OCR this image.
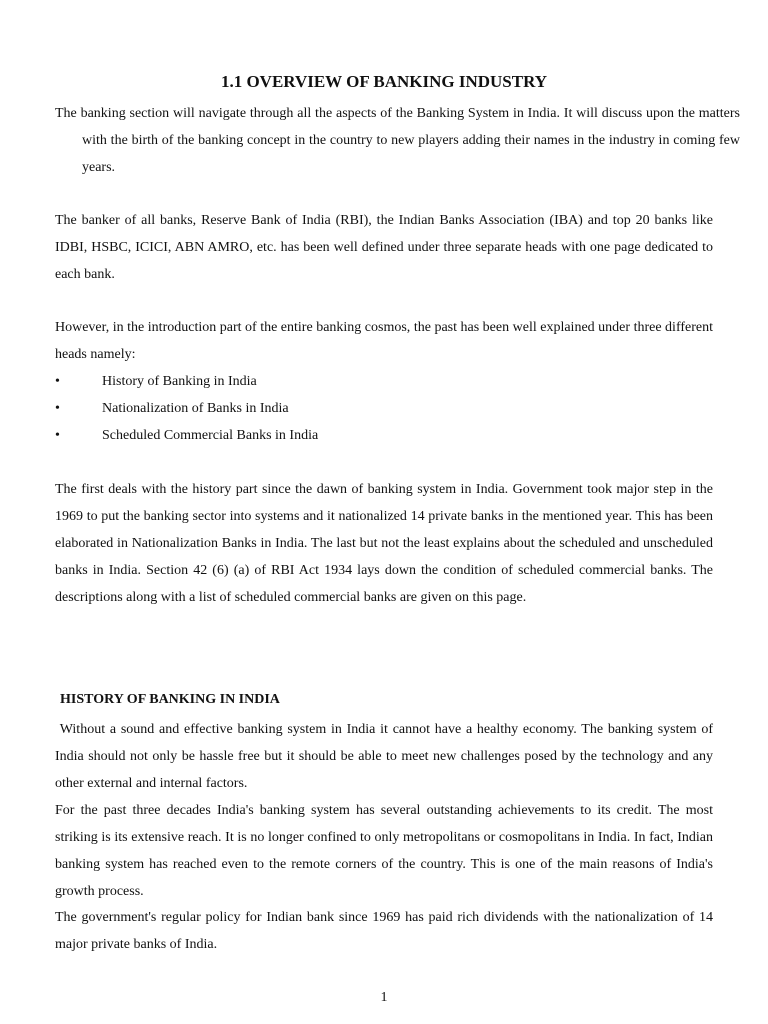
1.1 OVERVIEW OF BANKING INDUSTRY

The banking section will navigate through all the aspects of the Banking System in India. It will discuss upon the matters with the birth of the banking concept in the country to new players adding their names in the industry in coming few years.

The banker of all banks, Reserve Bank of India (RBI), the Indian Banks Association (IBA) and top 20 banks like IDBI, HSBC, ICICI, ABN AMRO, etc. has been well defined under three separate heads with one page dedicated to each bank.

However, in the introduction part of the entire banking cosmos, the past has been well explained under three different heads namely:

•	History of Banking in India
•	Nationalization of Banks in India
•	Scheduled Commercial Banks in India

The first deals with the history part since the dawn of banking system in India. Government took major step in the 1969 to put the banking sector into systems and it nationalized 14 private banks in the mentioned year. This has been elaborated in Nationalization Banks in India. The last but not the least explains about the scheduled and unscheduled banks in India. Section 42 (6) (a) of RBI Act 1934 lays down the condition of scheduled commercial banks. The descriptions along with a list of scheduled commercial banks are given on this page.

HISTORY OF BANKING IN INDIA

Without a sound and effective banking system in India it cannot have a healthy economy. The banking system of India should not only be hassle free but it should be able to meet new challenges posed by the technology and any other external and internal factors.

For the past three decades India's banking system has several outstanding achievements to its credit. The most striking is its extensive reach. It is no longer confined to only metropolitans or cosmopolitans in India. In fact, Indian banking system has reached even to the remote corners of the country. This is one of the main reasons of India's growth process.

The government's regular policy for Indian bank since 1969 has paid rich dividends with the nationalization of 14 major private banks of India.

1
